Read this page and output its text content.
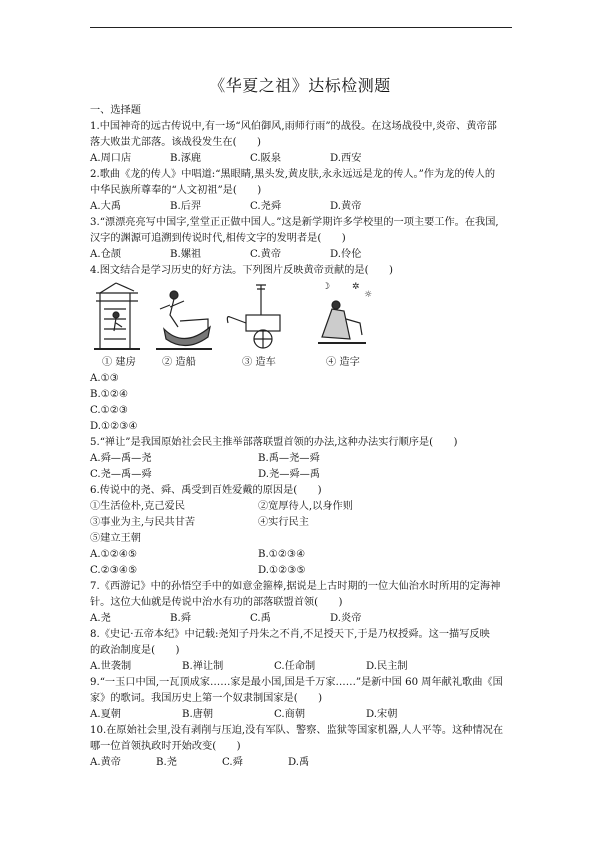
《华夏之祖》达标检测题
一、选择题
1.中国神奇的远古传说中,有一场“风伯御风,雨师行雨”的战役。在这场战役中,炎帝、黄帝部
落大败蚩尤部落。该战役发生在(　　)
A.周口店	B.涿鹿	C.阪泉	D.西安
2.歌曲《龙的传人》中唱道:“黑眼睛,黑头发,黄皮肤,永永远远是龙的传人。”作为龙的传人的
中华民族所尊奉的“人文初祖”是(　　)
A.大禹	B.后羿	C.尧舜	D.黄帝
3.“漂漂亮亮写中国字,堂堂正正做中国人。”这是新学期许多学校里的一项主要工作。在我国,
汉字的渊源可追溯到传说时代,相传文字的发明者是(　　)
A.仓颉	B.嫘祖	C.黄帝	D.伶伦
4.图文结合是学习历史的好方法。下列图片反映黄帝贡献的是(　　)
☽ ✲
☼
① 建房	② 造船	③ 造车	④ 造字
A.①③
B.①②④
C.①②③
D.①②③④
5.“禅让”是我国原始社会民主推举部落联盟首领的办法,这种办法实行顺序是(　　)
A.舜—禹—尧	B.禹—尧—舜
C.尧—禹—舜	D.尧—舜—禹
6.传说中的尧、舜、禹受到百姓爱戴的原因是(　　)
①生活俭朴,克己爱民	②宽厚待人,以身作则
③事业为主,与民共甘苦	④实行民主
⑤建立王朝
A.①②④⑤	B.①②③④
C.②③④⑤	D.①②③⑤
7.《西游记》中的孙悟空手中的如意金箍棒,据说是上古时期的一位大仙治水时所用的定海神
针。这位大仙就是传说中治水有功的部落联盟首领(　　)
A.尧	B.舜	C.禹	D.炎帝
8.《史记·五帝本纪》中记载:尧知子丹朱之不肖,不足授天下,于是乃权授舜。这一描写反映
的政治制度是(　　)
A.世袭制	B.禅让制	C.任命制	D.民主制
9.“一玉口中国,一瓦顶成家……家是最小国,国是千万家……”是新中国 60 周年献礼歌曲《国
家》的歌词。我国历史上第一个奴隶制国家是(　　)
A.夏朝	B.唐朝	C.商朝	D.宋朝
10.在原始社会里,没有剥削与压迫,没有军队、警察、监狱等国家机器,人人平等。这种情况在
哪一位首领执政时开始改变(　　)
A.黄帝	B.尧	C.舜	D.禹
